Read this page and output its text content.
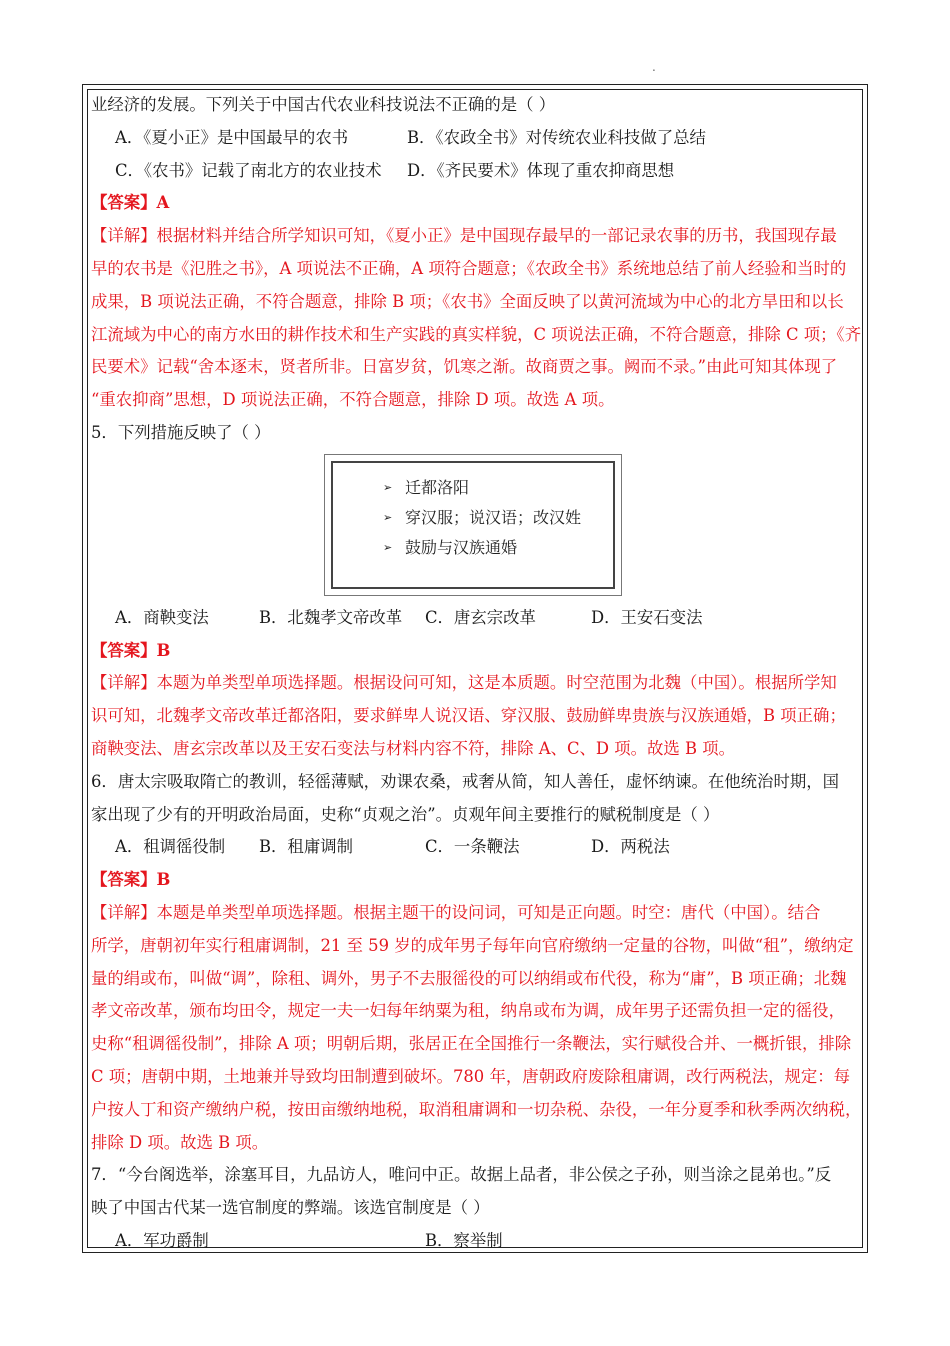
.

业经济的发展。下列关于中国古代农业科技说法不正确的是（ ）

A．《夏小正》是中国最早的农书	B．《农政全书》对传统农业科技做了总结

C．《农书》记载了南北方的农业技术	D．《齐民要术》体现了重农抑商思想

【答案】A

【详解】根据材料并结合所学知识可知，《夏小正》是中国现存最早的一部记录农事的历书，我国现存最

早的农书是《氾胜之书》，A 项说法不正确，A 项符合题意；《农政全书》系统地总结了前人经验和当时的

成果，B 项说法正确，不符合题意，排除 B 项；《农书》全面反映了以黄河流域为中心的北方旱田和以长

江流域为中心的南方水田的耕作技术和生产实践的真实样貌，C 项说法正确，不符合题意，排除 C 项；《齐

民要术》记载“舍本逐末，贤者所非。日富岁贫，饥寒之渐。故商贾之事。阙而不录。”由此可知其体现了

“重农抑商”思想，D 项说法正确，不符合题意，排除 D 项。故选 A 项。

5．下列措施反映了（ ）

➢ 迁都洛阳
➢ 穿汉服；说汉语；改汉姓
➢ 鼓励与汉族通婚

A．商鞅变法	B．北魏孝文帝改革	C．唐玄宗改革	D．王安石变法

【答案】B

【详解】本题为单类型单项选择题。根据设问可知，这是本质题。时空范围为北魏（中国）。根据所学知

识可知，北魏孝文帝改革迁都洛阳，要求鲜卑人说汉语、穿汉服、鼓励鲜卑贵族与汉族通婚，B 项正确；

商鞅变法、唐玄宗改革以及王安石变法与材料内容不符，排除 A、C、D 项。故选 B 项。

6．唐太宗吸取隋亡的教训，轻徭薄赋，劝课农桑，戒奢从简，知人善任，虚怀纳谏。在他统治时期，国

家出现了少有的开明政治局面，史称“贞观之治”。贞观年间主要推行的赋税制度是（ ）

A．租调徭役制	B．租庸调制	C．一条鞭法	D．两税法

【答案】B

【详解】本题是单类型单项选择题。根据主题干的设问词，可知是正向题。时空：唐代（中国）。结合

所学，唐朝初年实行租庸调制，21 至 59 岁的成年男子每年向官府缴纳一定量的谷物，叫做“租”，缴纳定

量的绢或布，叫做“调”，除租、调外，男子不去服徭役的可以纳绢或布代役，称为“庸”，B 项正确；北魏

孝文帝改革，颁布均田令，规定一夫一妇每年纳粟为租，纳帛或布为调，成年男子还需负担一定的徭役，

史称“租调徭役制”，排除 A 项；明朝后期，张居正在全国推行一条鞭法，实行赋役合并、一概折银，排除

C 项；唐朝中期，土地兼并导致均田制遭到破坏。780 年，唐朝政府废除租庸调，改行两税法，规定：每

户按人丁和资产缴纳户税，按田亩缴纳地税，取消租庸调和一切杂税、杂役，一年分夏季和秋季两次纳税，

排除 D 项。故选 B 项。

7．“今台阁选举，涂塞耳目，九品访人，唯问中正。故据上品者，非公侯之子孙，则当涂之昆弟也。”反

映了中国古代某一选官制度的弊端。该选官制度是（ ）

A．军功爵制	B．察举制
